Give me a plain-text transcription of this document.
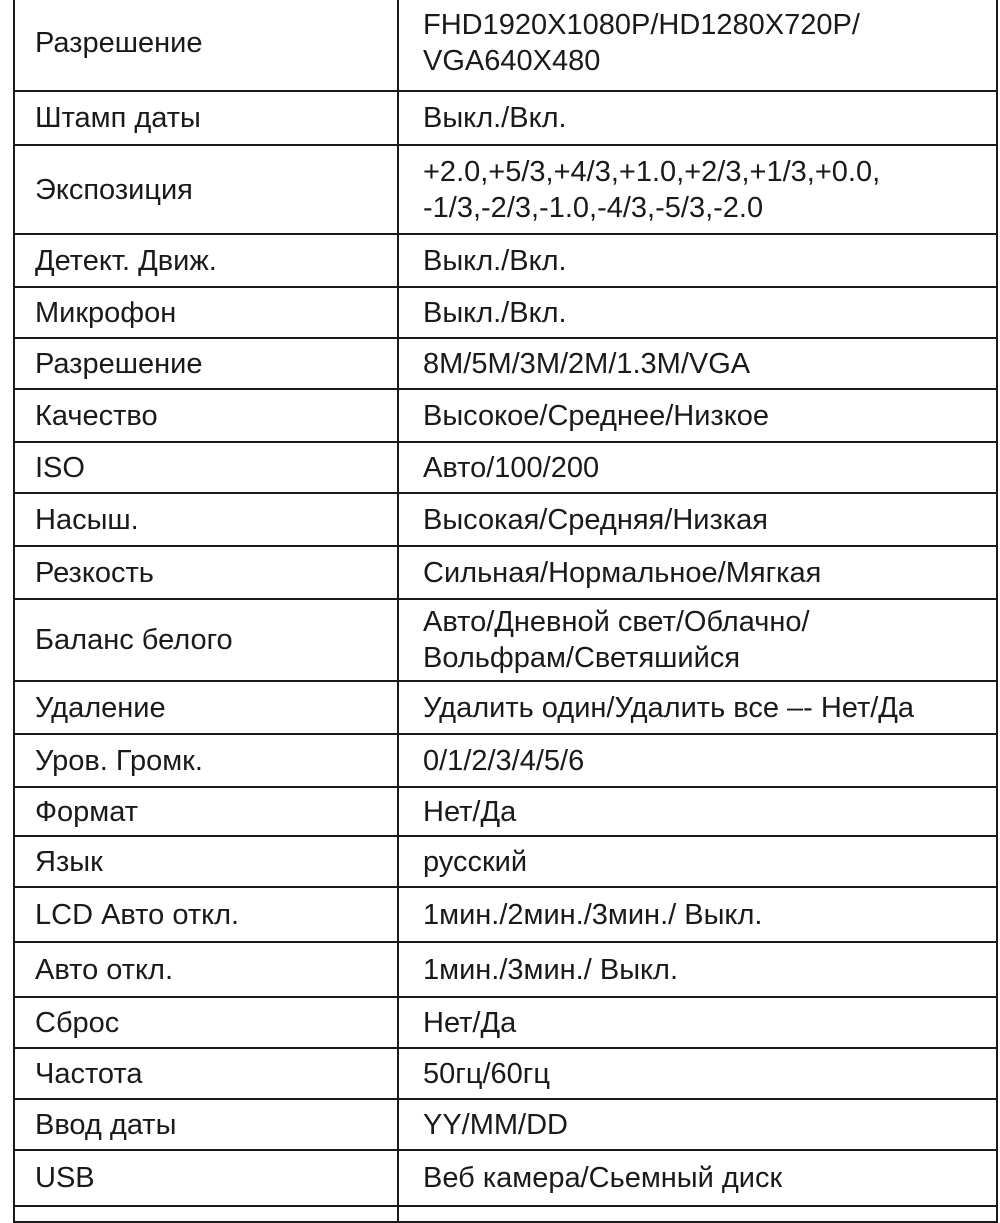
Разрешение	FHD1920X1080P/HD1280X720P/
VGA640X480

Штамп даты	Выкл./Вкл.

Экспозиция	+2.0,+5/3,+4/3,+1.0,+2/3,+1/3,+0.0,
-1/3,-2/3,-1.0,-4/3,-5/3,-2.0

Детект. Движ.	Выкл./Вкл.

Микрофон	Выкл./Вкл.

Разрешение	8M/5M/3M/2M/1.3M/VGA

Качество	Высокое/Среднее/Низкое

ISO	Авто/100/200

Насыш.	Высокая/Средняя/Низкая

Резкость	Сильная/Нормальное/Мягкая

Баланс белого	Авто/Дневной свет/Облачно/
Вольфрам/Светяшийся

Удаление	Удалить один/Удалить все –- Нет/Да

Уров. Громк.	0/1/2/3/4/5/6

Формат	Нет/Да

Язык	русский

LCD Авто откл.	1мин./2мин./3мин./ Выкл.

Авто откл.	1мин./3мин./ Выкл.

Сброс	Нет/Да

Частота	50гц/60гц

Ввод даты	YY/MM/DD

USB	Веб камера/Сьемный диск
